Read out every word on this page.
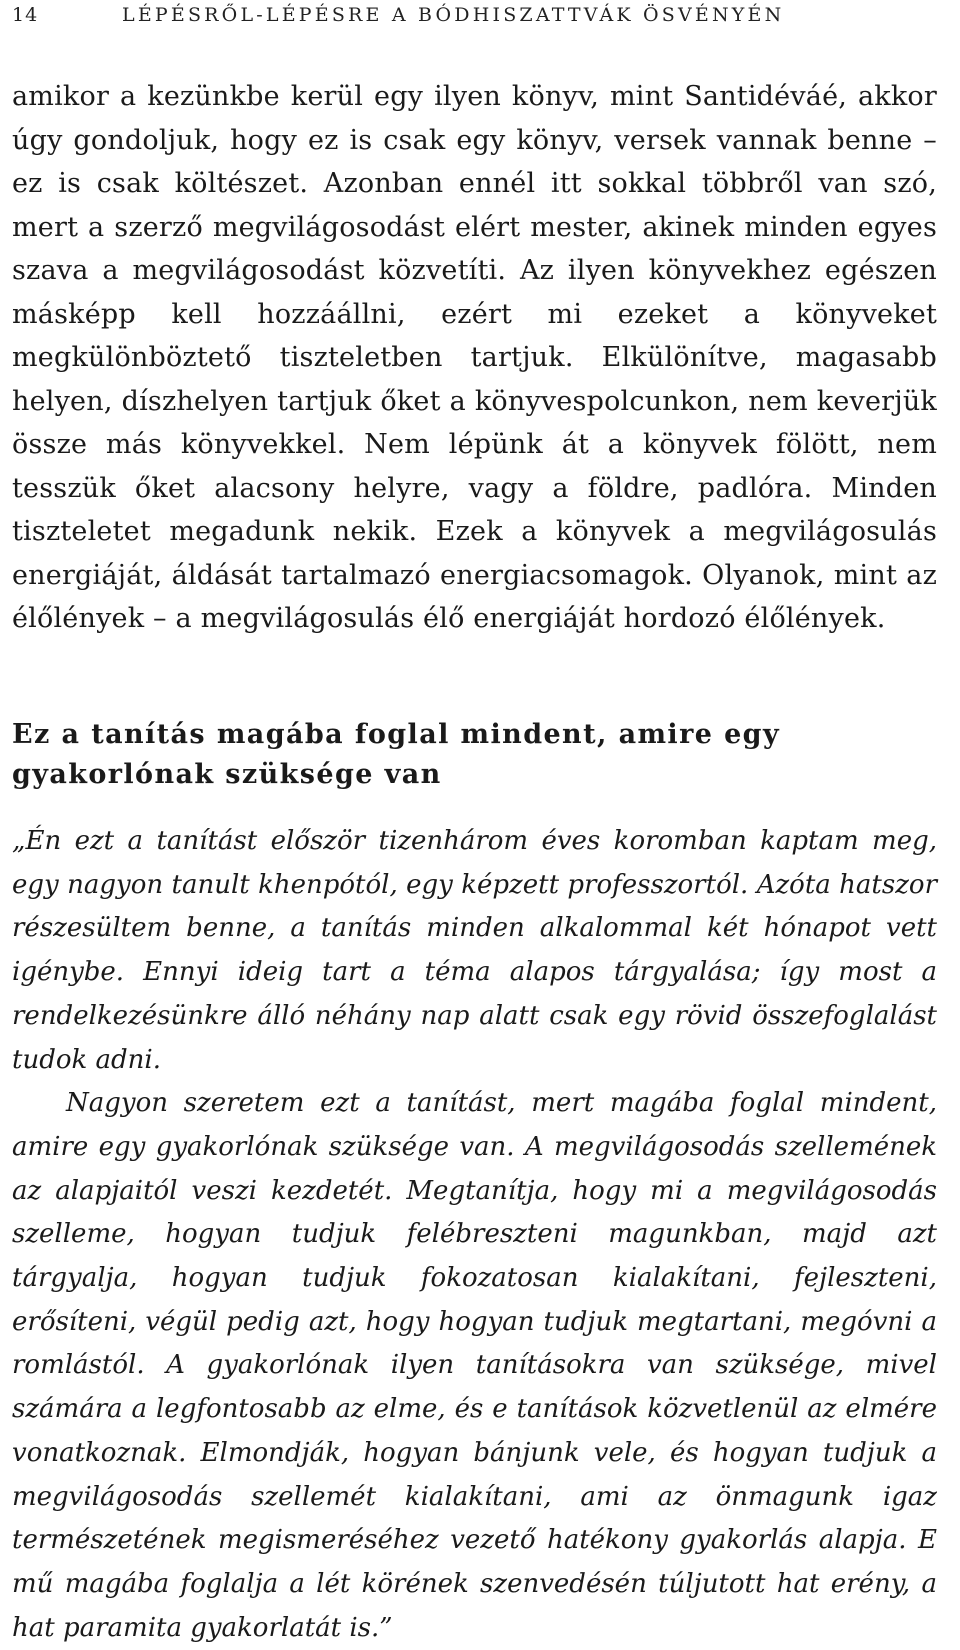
14	LÉPÉSRŐL-LÉPÉSRE A BÓDHISZATTVÁK ÖSVÉNYÉN

amikor a kezünkbe kerül egy ilyen könyv, mint Santidéváé, akkor úgy gondoljuk, hogy ez is csak egy könyv, versek vannak benne – ez is csak költészet. Azonban ennél itt sokkal többről van szó, mert a szerző megvilágosodást elért mester, akinek minden egyes szava a megvilágosodást közvetíti. Az ilyen könyvekhez egészen másképp kell hozzáállni, ezért mi ezeket a könyveket megkülönböztető tiszteletben tartjuk. Elkülönítve, magasabb helyen, díszhelyen tartjuk őket a könyvespolcunkon, nem keverjük össze más könyvekkel. Nem lépünk át a könyvek fölött, nem tesszük őket alacsony helyre, vagy a földre, padlóra. Minden tiszteletet megadunk nekik. Ezek a könyvek a megvilágosulás energiáját, áldását tartalmazó energiacsomagok. Olyanok, mint az élőlények – a megvilágosulás élő energiáját hordozó élőlények.

Ez a tanítás magába foglal mindent, amire egy gyakorlónak szüksége van

„Én ezt a tanítást először tizenhárom éves koromban kaptam meg, egy nagyon tanult khenpótól, egy képzett professzortól. Azóta hatszor részesültem benne, a tanítás minden alkalommal két hónapot vett igénybe. Ennyi ideig tart a téma alapos tárgyalása; így most a rendelkezésünkre álló néhány nap alatt csak egy rövid összefoglalást tudok adni.

Nagyon szeretem ezt a tanítást, mert magába foglal mindent, amire egy gyakorlónak szüksége van. A megvilágosodás szellemének az alapjaitól veszi kezdetét. Megtanítja, hogy mi a megvilágosodás szelleme, hogyan tudjuk felébreszteni magunkban, majd azt tárgyalja, hogyan tudjuk fokozatosan kialakítani, fejleszteni, erősíteni, végül pedig azt, hogy hogyan tudjuk megtartani, megóvni a romlástól. A gyakorlónak ilyen tanításokra van szüksége, mivel számára a legfontosabb az elme, és e tanítások közvetlenül az elmére vonatkoznak. Elmondják, hogyan bánjunk vele, és hogyan tudjuk a megvilágosodás szellemét kialakítani, ami az önmagunk igaz természetének megismeréséhez vezető hatékony gyakorlás alapja. E mű magába foglalja a lét körének szenvedésén túljutott hat erény, a hat paramita gyakorlatát is.”
